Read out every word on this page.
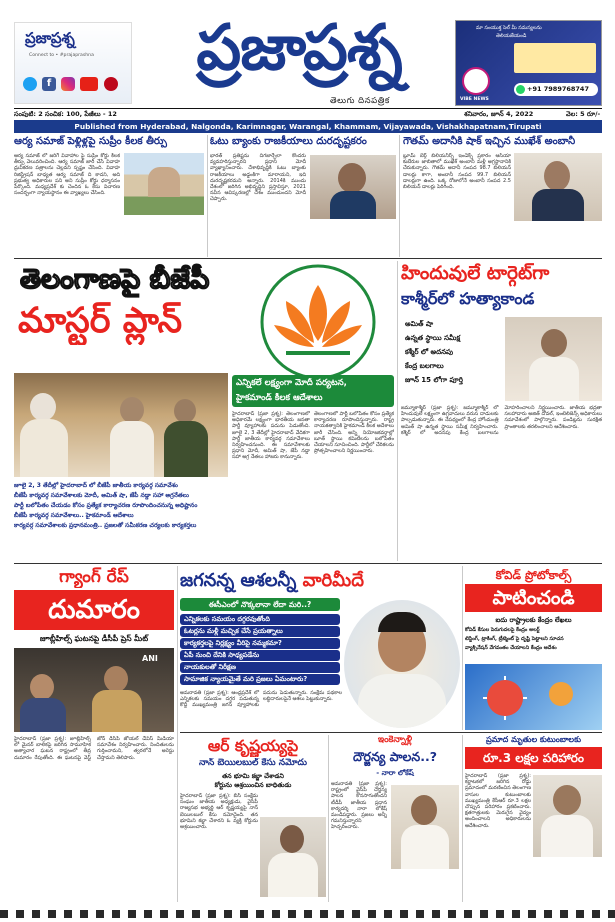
ప్రజాప్రశ్న
Connect to • #prajaprashna
f	ప్రజాప్రశ్న
తెలుగు దినపత్రిక
మా సంయుక్త సెల్ మీ సమస్యలను
తెలియజేయండి
VIBE NEWS
+91 7989768747
సంపుటి: 2 సంచిక: 100, పేజీలు - 12	శనివారం, జూన్ 4, 2022	వెల: 5 రూ/-
Published from Hyderabad, Nalgonda, Karimnagar, Warangal, Khammam, Vijayawada, Vishakhapatnam,Tirupati
ఆర్య సమాజ్ పెళ్లిళ్లపై సుప్రీం కీలక తీర్పు
ఆర్య సమాజ్ లో జరిగే వివాహాల పై సుప్రీం కోర్టు కీలక తీర్పు వెలువరించింది. ఆర్య సమాజ్ జారీ చేసే వివాహ ధ్రువీకరణ పత్రాలను చెల్లవని స్పష్టం చేసింది. వివాహ రిజిస్ట్రేషన్ బాధ్యత ఆర్య సమాజ్ ది కాదని, అది ప్రభుత్వ అధికారుల పని అని సుప్రీం కోర్టు ధర్మాసనం పేర్కొంది. మధ్యప్రదేశ్ కు చెందిన ఓ కేసు విచారణ సందర్భంగా న్యాయస్థానం ఈ వ్యాఖ్యలు చేసింది.
ఓటు బ్యాంకు రాజకీయాలు దురదృష్టకరం
భారత్ ప్రతిష్టను దిగజార్చేలా కొందరు వ్యవహరిస్తున్నారని ప్రధాని మోదీ వ్యాఖ్యానించారు. దేశాభివృద్ధికి ఓటు బ్యాంకు రాజకీయాలు అడ్డంకిగా మారాయని, ఇది దురదృష్టకరమని అన్నారు. 2014కి ముందు దేశంలో జరిగిన అభివృద్ధిని ప్రస్తావిస్తూ, 2021 నవీన ఆవిష్కరణల్లో దేశం ముందుందని మోదీ చెప్పారు.
గౌతమ్ అదానీకి షాక్ ఇచ్చిన ముఖేశ్ అంబానీ
బ్లూమ్ బెర్గ్ బిలియనీర్స్ ఇండెక్స్ ప్రకారం ఆసియా కుబేరుల జాబితాలో ముఖేశ్ అంబానీ మళ్లీ అగ్రస్థానానికి చేరుకున్నారు. గౌతమ్ అదానీ సంపద 98.7 బిలియన్ డాలర్లు కాగా, అంబానీ సంపద 99.7 బిలియన్ డాలర్లుగా ఉంది. ఒక్క రోజులోనే అంబానీ సంపద 2.5 బిలియన్ డాలర్లు పెరిగింది.
తెలంగాణపై బీజేపీ
మాస్టర్ ప్లాన్
ఎన్నికలే లక్ష్యంగా మోదీ పర్యటన,
హైకమాండ్ కీలక ఆదేశాలు
హైదరాబాద్ (ప్రజా ప్రశ్న): తెలంగాణలో అధికారమే లక్ష్యంగా భారతీయ జనతా పార్టీ వ్యూహాలకు పదును పెడుతోంది. జూలై 2, 3 తేదీల్లో హైదరాబాద్ వేదికగా పార్టీ జాతీయ కార్యవర్గ సమావేశాలు నిర్వహించనుంది. ఈ సమావేశాలకు ప్రధాని మోదీ, అమిత్ షా, జేపీ నడ్డా సహా అగ్ర నేతలు హాజరు కానున్నారు.
తెలంగాణలో పార్టీ బలోపేతం కోసం ప్రత్యేక కార్యాచరణ రూపొందిస్తున్నారు. రాష్ట్ర నాయకత్వానికి హైకమాండ్ కీలక ఆదేశాలు జారీ చేసింది. అన్ని నియోజకవర్గాల్లో బూత్ స్థాయి కమిటీలను బలోపేతం చేయాలని సూచించింది. పార్టీలో చేరికలను ప్రోత్సహించాలని నిర్ణయించారు.
జూలై 2, 3 తేదీల్లో హైదరాబాద్ లో బీజేపీ జాతీయ కార్యవర్గ సమావేశం
బీజేపీ కార్యవర్గ సమావేశాలకు మోదీ, అమిత్ షా, జేపీ నడ్డా సహా అగ్రనేతలు
పార్టీ బలోపేతం చేయడం కోసం ప్రత్యేక కార్యాచరణ రూపొందించనున్న అధిష్టానం
బీజేపీ కార్యవర్గ సమావేశాలు.. హైకమాండ్ ఆదేశాలు
కార్యవర్గ సమావేశాలకు ప్రధానమంత్రి.. ప్రజలతో సమీకరణ చర్యలకు కార్యకర్తలు
హిందువులే టార్గెట్‌గా
కాశ్మీర్‌లో హత్యాకాండ
అమిత్ షా
ఉన్నత స్థాయి సమీక్ష
కశ్మీర్ లో అదనపు
కేంద్ర బలగాలు
జూన్ 15 లోగా పూర్తి
జమ్మూకాశ్మీర్ (ప్రజా ప్రశ్న): జమ్మూకాశ్మీర్ లో హిందువులే లక్ష్యంగా ఉగ్రవాదులు వరుస దాడులకు పాల్పడుతున్నారు. ఈ నేపథ్యంలో కేంద్ర హోంమంత్రి అమిత్ షా ఉన్నత స్థాయి సమీక్ష నిర్వహించారు. కశ్మీర్ లో అదనపు కేంద్ర బలగాలను మోహరించాలని నిర్ణయించారు. జాతీయ భద్రతా సలహాదారు అజిత్ దోవల్, ఇంటెలిజెన్స్ అధికారులు సమావేశంలో పాల్గొన్నారు. పండిట్లను సురక్షిత ప్రాంతాలకు తరలించాలని ఆదేశించారు.
గ్యాంగ్ రేప్
దుమారం
జూబ్లీహిల్స్ ఘటనపై డీసీపీ ప్రెస్ మీట్
ANI
హైదరాబాద్ (ప్రజా ప్రశ్న): జూబ్లీహిల్స్ లో మైనర్ బాలికపై జరిగిన సామూహిక అత్యాచార ఘటన రాష్ట్రంలో తీవ్ర దుమారం రేపుతోంది. ఈ ఘటనపై వెస్ట్ జోన్ డీసీపీ జోయల్ డేవిస్ మీడియా సమావేశం నిర్వహించారు. నిందితులను గుర్తించామని, త్వరలోనే అరెస్టు చేస్తామని తెలిపారు.
జగనన్న ఆశలన్నీ వారిమీదే
ఈసీఎంలో నొక్కలానా లేదా మరి..?
ఎన్నికలకు సమయం దగ్గరవుతోంది
ఓటర్లను మళ్లీ మచ్చిక చేసే ప్రయత్నాలు
కార్యకర్తలపై నిర్లక్ష్యం వీరిపై నమ్మకమా?
ఏపీ నుంచి దేనికి సాధ్యపడేను
నాయకులతో నిరీక్షణ
సామాజిక న్యాయమైతే మరి ప్రజలు ఏమంటారు?
అమరావతి (ప్రజా ప్రశ్న): ఆంధ్రప్రదేశ్ లో ఎన్నికలకు సమయం దగ్గర పడుతున్న కొద్దీ ముఖ్యమంత్రి జగన్ వ్యూహాలకు పదును పెడుతున్నారు. సంక్షేమ పథకాల లబ్ధిదారులపైనే ఆశలు పెట్టుకున్నారు.
కోవిడ్ ప్రోటోకాల్స్
పాటించండి
ఐదు రాష్ట్రాలకు కేంద్రం లేఖలు
కోవిడ్ కేసుల పెరుగుదలపై కేంద్రం అలర్ట్
టెస్టింగ్, ట్రాకింగ్, ట్రీట్మెంట్ పై దృష్టి పెట్టాలని సూచన
వ్యాక్సినేషన్ వేగవంతం చేయాలని కేంద్రం ఆదేశం
ఆర్ కృష్ణయ్యపై
నాన్ బెయిలబుల్ కేసు నమోదు
తన భూమి కబ్జా చేశాడని
కోర్టును ఆశ్రయించిన బాధితుడు
హైదరాబాద్ (ప్రజా ప్రశ్న): బీసీ సంక్షేమ సంఘం జాతీయ అధ్యక్షుడు, వైసీపీ రాజ్యసభ అభ్యర్థి ఆర్ కృష్ణయ్యపై నాన్ బెయిలబుల్ కేసు నమోదైంది. తన భూమిని కబ్జా చేశారని ఓ వ్యక్తి కోర్టును ఆశ్రయించారు.
ఇంకెన్నాళ్లీ
దౌర్జన్య పాలన..?
- నారా లోకేష్
అమరావతి (ప్రజా ప్రశ్న): రాష్ట్రంలో వైసీపీ దౌర్జన్య పాలన కొనసాగుతోందని టీడీపీ జాతీయ ప్రధాన కార్యదర్శి నారా లోకేష్ మండిపడ్డారు. ప్రజలు అన్నీ గమనిస్తున్నారని హెచ్చరించారు.
ప్రమాద మృతుల కుటుంబాలకు
రూ.3 లక్షల పరిహారం
హైదరాబాద్ (ప్రజా ప్రశ్న): కర్ణాటకలో జరిగిన రోడ్డు ప్రమాదంలో మరణించిన తెలంగాణ వాసుల కుటుంబాలకు ముఖ్యమంత్రి కేసీఆర్ రూ.3 లక్షల చొప్పున పరిహారం ప్రకటించారు. క్షతగాత్రులకు మెరుగైన వైద్యం అందించాలని అధికారులను ఆదేశించారు.
